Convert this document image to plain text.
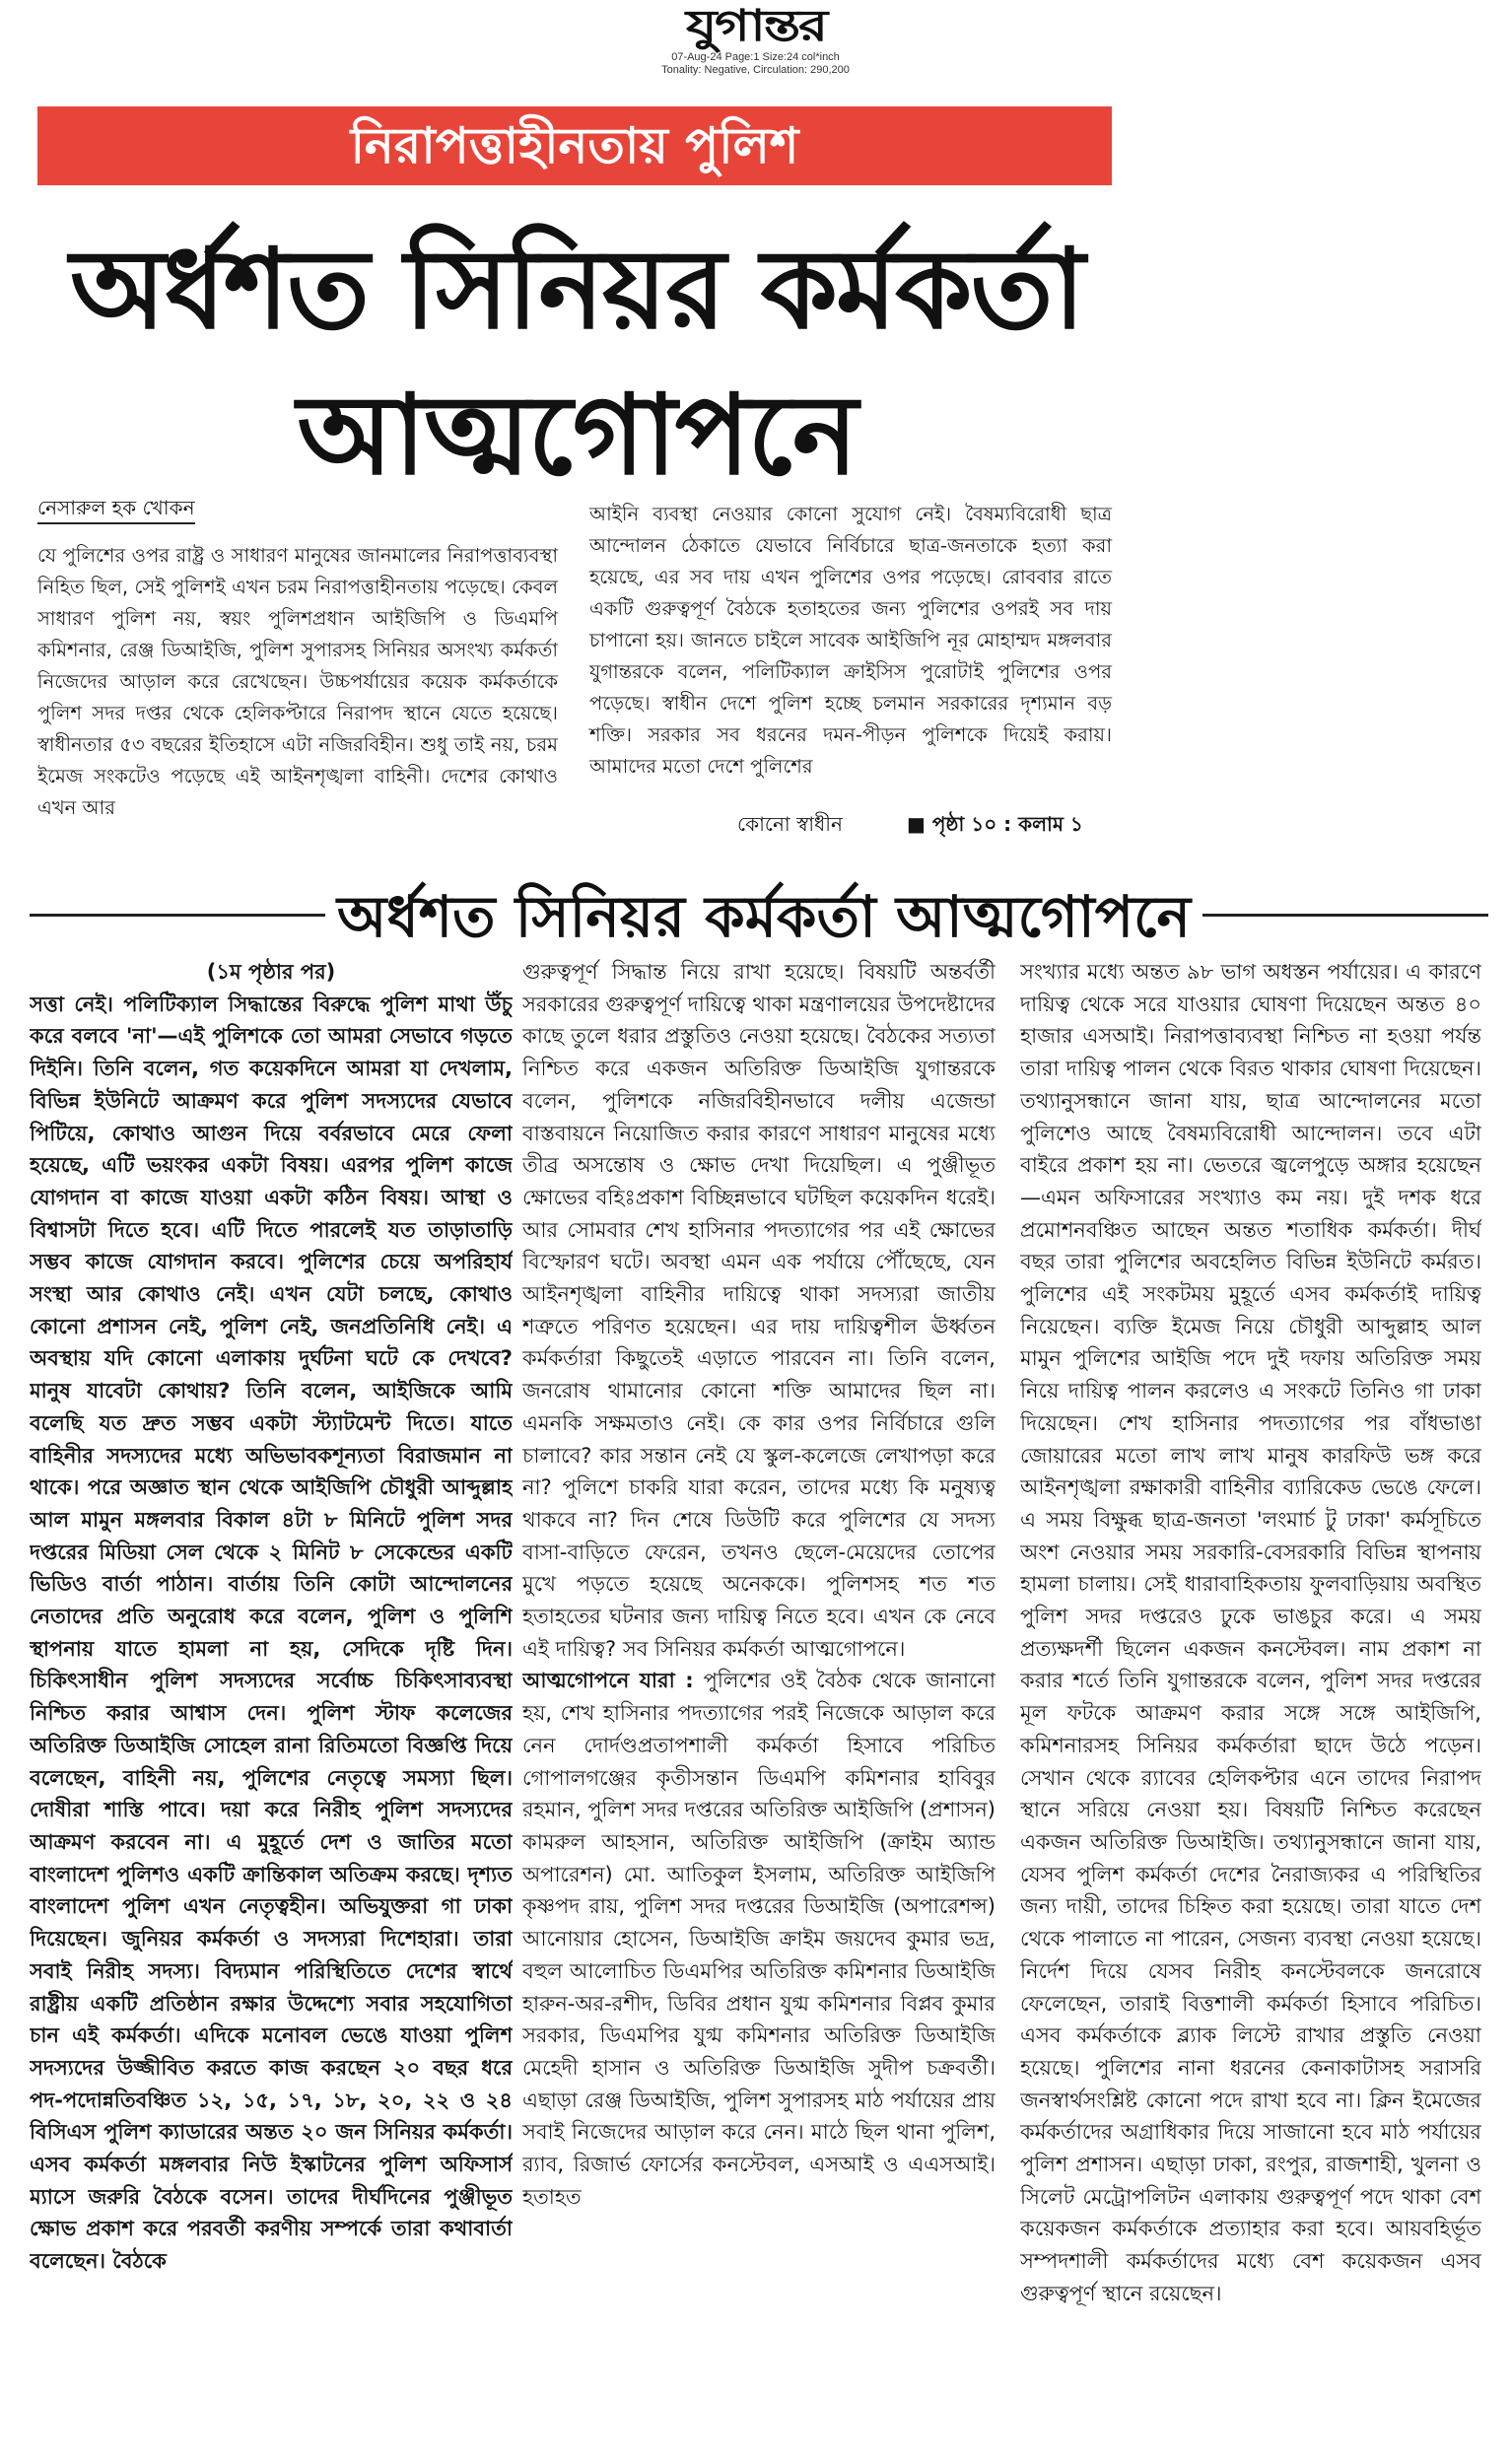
যুগান্তর
07-Aug-24 Page:1 Size:24 col*inch
Tonality: Negative, Circulation: 290,200
নিরাপত্তাহীনতায় পুলিশ
অর্ধশত সিনিয়র কর্মকর্তা
আত্মগোপনে
নেসারুল হক খোকন

যে পুলিশের ওপর রাষ্ট্র ও সাধারণ মানুষের জানমালের নিরাপত্তাব্যবস্থা নিহিত ছিল, সেই পুলিশই এখন চরম নিরাপত্তাহীনতায় পড়েছে। কেবল সাধারণ পুলিশ নয়, স্বয়ং পুলিশপ্রধান আইজিপি ও ডিএমপি কমিশনার, রেঞ্জ ডিআইজি, পুলিশ সুপারসহ সিনিয়র অসংখ্য কর্মকর্তা নিজেদের আড়াল করে রেখেছেন। উচ্চপর্যায়ের কয়েক কর্মকর্তাকে পুলিশ সদর দপ্তর থেকে হেলিকপ্টারে নিরাপদ স্থানে যেতে হয়েছে। স্বাধীনতার ৫৩ বছরের ইতিহাসে এটা নজিরবিহীন। শুধু তাই নয়, চরম ইমেজ সংকটেও পড়েছে এই আইনশৃঙ্খলা বাহিনী। দেশের কোথাও এখন আর

আইনি ব্যবস্থা নেওয়ার কোনো সুযোগ নেই। বৈষম্যবিরোধী ছাত্র আন্দোলন ঠেকাতে যেভাবে নির্বিচারে ছাত্র-জনতাকে হত্যা করা হয়েছে, এর সব দায় এখন পুলিশের ওপর পড়েছে। রোববার রাতে একটি গুরুত্বপূর্ণ বৈঠকে হতাহতের জন্য পুলিশের ওপরই সব দায় চাপানো হয়। জানতে চাইলে সাবেক আইজিপি নূর মোহাম্মদ মঙ্গলবার যুগান্তরকে বলেন, পলিটিক্যাল ক্রাইসিস পুরোটাই পুলিশের ওপর পড়েছে। স্বাধীন দেশে পুলিশ হচ্ছে চলমান সরকারের দৃশ্যমান বড় শক্তি। সরকার সব ধরনের দমন-পীড়ন পুলিশকে দিয়েই করায়। আমাদের মতো দেশে পুলিশের

কোনো স্বাধীন	■ পৃষ্ঠা ১০ : কলাম ১
অর্ধশত সিনিয়র কর্মকর্তা আত্মগোপনে

(১ম পৃষ্ঠার পর)

সত্তা নেই। পলিটিক্যাল সিদ্ধান্তের বিরুদ্ধে পুলিশ মাথা উঁচু করে বলবে 'না'—এই পুলিশকে তো আমরা সেভাবে গড়তে দিইনি। তিনি বলেন, গত কয়েকদিনে আমরা যা দেখলাম, বিভিন্ন ইউনিটে আক্রমণ করে পুলিশ সদস্যদের যেভাবে পিটিয়ে, কোথাও আগুন দিয়ে বর্বরভাবে মেরে ফেলা হয়েছে, এটি ভয়ংকর একটা বিষয়। এরপর পুলিশ কাজে যোগদান বা কাজে যাওয়া একটা কঠিন বিষয়। আস্থা ও বিশ্বাসটা দিতে হবে। এটি দিতে পারলেই যত তাড়াতাড়ি সম্ভব কাজে যোগদান করবে। পুলিশের চেয়ে অপরিহার্য সংস্থা আর কোথাও নেই। এখন যেটা চলছে, কোথাও কোনো প্রশাসন নেই, পুলিশ নেই, জনপ্রতিনিধি নেই। এ অবস্থায় যদি কোনো এলাকায় দুর্ঘটনা ঘটে কে দেখবে? মানুষ যাবেটা কোথায়? তিনি বলেন, আইজিকে আমি বলেছি যত দ্রুত সম্ভব একটা স্ট্যাটমেন্ট দিতে। যাতে বাহিনীর সদস্যদের মধ্যে অভিভাবকশূন্যতা বিরাজমান না থাকে। পরে অজ্ঞাত স্থান থেকে আইজিপি চৌধুরী আব্দুল্লাহ আল মামুন মঙ্গলবার বিকাল ৪টা ৮ মিনিটে পুলিশ সদর দপ্তরের মিডিয়া সেল থেকে ২ মিনিট ৮ সেকেন্ডের একটি ভিডিও বার্তা পাঠান। বার্তায় তিনি কোটা আন্দোলনের নেতাদের প্রতি অনুরোধ করে বলেন, পুলিশ ও পুলিশি স্থাপনায় যাতে হামলা না হয়, সেদিকে দৃষ্টি দিন। চিকিৎসাধীন পুলিশ সদস্যদের সর্বোচ্চ চিকিৎসাব্যবস্থা নিশ্চিত করার আশ্বাস দেন। পুলিশ স্টাফ কলেজের অতিরিক্ত ডিআইজি সোহেল রানা রিতিমতো বিজ্ঞপ্তি দিয়ে বলেছেন, বাহিনী নয়, পুলিশের নেতৃত্বে সমস্যা ছিল। দোষীরা শাস্তি পাবে। দয়া করে নিরীহ পুলিশ সদস্যদের আক্রমণ করবেন না। এ মুহূর্তে দেশ ও জাতির মতো বাংলাদেশ পুলিশও একটি ক্রান্তিকাল অতিক্রম করছে। দৃশ্যত বাংলাদেশ পুলিশ এখন নেতৃত্বহীন। অভিযুক্তরা গা ঢাকা দিয়েছেন। জুনিয়র কর্মকর্তা ও সদস্যরা দিশেহারা। তারা সবাই নিরীহ সদস্য। বিদ্যমান পরিস্থিতিতে দেশের স্বার্থে রাষ্ট্রীয় একটি প্রতিষ্ঠান রক্ষার উদ্দেশ্যে সবার সহযোগিতা চান এই কর্মকর্তা। এদিকে মনোবল ভেঙে যাওয়া পুলিশ সদস্যদের উজ্জীবিত করতে কাজ করছেন ২০ বছর ধরে পদ-পদোন্নতিবঞ্চিত ১২, ১৫, ১৭, ১৮, ২০, ২২ ও ২৪ বিসিএস পুলিশ ক্যাডারের অন্তত ২০ জন সিনিয়র কর্মকর্তা। এসব কর্মকর্তা মঙ্গলবার নিউ ইস্কাটনের পুলিশ অফিসার্স ম্যাসে জরুরি বৈঠকে বসেন। তাদের দীর্ঘদিনের পুঞ্জীভূত ক্ষোভ প্রকাশ করে পরবর্তী করণীয় সম্পর্কে তারা কথাবার্তা বলেছেন। বৈঠকে

গুরুত্বপূর্ণ সিদ্ধান্ত নিয়ে রাখা হয়েছে। বিষয়টি অন্তর্বর্তী সরকারের গুরুত্বপূর্ণ দায়িত্বে থাকা মন্ত্রণালয়ের উপদেষ্টাদের কাছে তুলে ধরার প্রস্তুতিও নেওয়া হয়েছে। বৈঠকের সত্যতা নিশ্চিত করে একজন অতিরিক্ত ডিআইজি যুগান্তরকে বলেন, পুলিশকে নজিরবিহীনভাবে দলীয় এজেন্ডা বাস্তবায়নে নিয়োজিত করার কারণে সাধারণ মানুষের মধ্যে তীব্র অসন্তোষ ও ক্ষোভ দেখা দিয়েছিল। এ পুঞ্জীভূত ক্ষোভের বহিঃপ্রকাশ বিচ্ছিন্নভাবে ঘটছিল কয়েকদিন ধরেই। আর সোমবার শেখ হাসিনার পদত্যাগের পর এই ক্ষোভের বিস্ফোরণ ঘটে। অবস্থা এমন এক পর্যায়ে পৌঁছেছে, যেন আইনশৃঙ্খলা বাহিনীর দায়িত্বে থাকা সদস্যরা জাতীয় শত্রুতে পরিণত হয়েছেন। এর দায় দায়িত্বশীল ঊর্ধ্বতন কর্মকর্তারা কিছুতেই এড়াতে পারবেন না। তিনি বলেন, জনরোষ থামানোর কোনো শক্তি আমাদের ছিল না। এমনকি সক্ষমতাও নেই। কে কার ওপর নির্বিচারে গুলি চালাবে? কার সন্তান নেই যে স্কুল-কলেজে লেখাপড়া করে না? পুলিশে চাকরি যারা করেন, তাদের মধ্যে কি মনুষ্যত্ব থাকবে না? দিন শেষে ডিউটি করে পুলিশের যে সদস্য বাসা-বাড়িতে ফেরেন, তখনও ছেলে-মেয়েদের তোপের মুখে পড়তে হয়েছে অনেককে। পুলিশসহ শত শত হতাহতের ঘটনার জন্য দায়িত্ব নিতে হবে। এখন কে নেবে এই দায়িত্ব? সব সিনিয়র কর্মকর্তা আত্মগোপনে।

আত্মগোপনে যারা : পুলিশের ওই বৈঠক থেকে জানানো হয়, শেখ হাসিনার পদত্যাগের পরই নিজেকে আড়াল করে নেন দোর্দণ্ডপ্রতাপশালী কর্মকর্তা হিসাবে পরিচিত গোপালগঞ্জের কৃতীসন্তান ডিএমপি কমিশনার হাবিবুর রহমান, পুলিশ সদর দপ্তরের অতিরিক্ত আইজিপি (প্রশাসন) কামরুল আহসান, অতিরিক্ত আইজিপি (ক্রাইম অ্যান্ড অপারেশন) মো. আতিকুল ইসলাম, অতিরিক্ত আইজিপি কৃষ্ণপদ রায়, পুলিশ সদর দপ্তরের ডিআইজি (অপারেশন্স) আনোয়ার হোসেন, ডিআইজি ক্রাইম জয়দেব কুমার ভদ্র, বহুল আলোচিত ডিএমপির অতিরিক্ত কমিশনার ডিআইজি হারুন-অর-রশীদ, ডিবির প্রধান যুগ্ম কমিশনার বিপ্লব কুমার সরকার, ডিএমপির যুগ্ম কমিশনার অতিরিক্ত ডিআইজি মেহেদী হাসান ও অতিরিক্ত ডিআইজি সুদীপ চক্রবর্তী। এছাড়া রেঞ্জ ডিআইজি, পুলিশ সুপারসহ মাঠ পর্যায়ের প্রায় সবাই নিজেদের আড়াল করে নেন। মাঠে ছিল থানা পুলিশ, র‌্যাব, রিজার্ভ ফোর্সের কনস্টেবল, এসআই ও এএসআই। হতাহত

সংখ্যার মধ্যে অন্তত ৯৮ ভাগ অধস্তন পর্যায়ের। এ কারণে দায়িত্ব থেকে সরে যাওয়ার ঘোষণা দিয়েছেন অন্তত ৪০ হাজার এসআই। নিরাপত্তাব্যবস্থা নিশ্চিত না হওয়া পর্যন্ত তারা দায়িত্ব পালন থেকে বিরত থাকার ঘোষণা দিয়েছেন। তথ্যানুসন্ধানে জানা যায়, ছাত্র আন্দোলনের মতো পুলিশেও আছে বৈষম্যবিরোধী আন্দোলন। তবে এটা বাইরে প্রকাশ হয় না। ভেতরে জ্বলেপুড়ে অঙ্গার হয়েছেন—এমন অফিসারের সংখ্যাও কম নয়। দুই দশক ধরে প্রমোশনবঞ্চিত আছেন অন্তত শতাধিক কর্মকর্তা। দীর্ঘ বছর তারা পুলিশের অবহেলিত বিভিন্ন ইউনিটে কর্মরত। পুলিশের এই সংকটময় মুহূর্তে এসব কর্মকর্তাই দায়িত্ব নিয়েছেন। ব্যক্তি ইমেজ নিয়ে চৌধুরী আব্দুল্লাহ আল মামুন পুলিশের আইজি পদে দুই দফায় অতিরিক্ত সময় নিয়ে দায়িত্ব পালন করলেও এ সংকটে তিনিও গা ঢাকা দিয়েছেন। শেখ হাসিনার পদত্যাগের পর বাঁধভাঙা জোয়ারের মতো লাখ লাখ মানুষ কারফিউ ভঙ্গ করে আইনশৃঙ্খলা রক্ষাকারী বাহিনীর ব্যারিকেড ভেঙে ফেলে। এ সময় বিক্ষুব্ধ ছাত্র-জনতা 'লংমার্চ টু ঢাকা' কর্মসূচিতে অংশ নেওয়ার সময় সরকারি-বেসরকারি বিভিন্ন স্থাপনায় হামলা চালায়। সেই ধারাবাহিকতায় ফুলবাড়িয়ায় অবস্থিত পুলিশ সদর দপ্তরেও ঢুকে ভাঙচুর করে। এ সময় প্রত্যক্ষদর্শী ছিলেন একজন কনস্টেবল। নাম প্রকাশ না করার শর্তে তিনি যুগান্তরকে বলেন, পুলিশ সদর দপ্তরের মূল ফটকে আক্রমণ করার সঙ্গে সঙ্গে আইজিপি, কমিশনারসহ সিনিয়র কর্মকর্তারা ছাদে উঠে পড়েন। সেখান থেকে র‌্যাবের হেলিকপ্টার এনে তাদের নিরাপদ স্থানে সরিয়ে নেওয়া হয়। বিষয়টি নিশ্চিত করেছেন একজন অতিরিক্ত ডিআইজি। তথ্যানুসন্ধানে জানা যায়, যেসব পুলিশ কর্মকর্তা দেশের নৈরাজ্যকর এ পরিস্থিতির জন্য দায়ী, তাদের চিহ্নিত করা হয়েছে। তারা যাতে দেশ থেকে পালাতে না পারেন, সেজন্য ব্যবস্থা নেওয়া হয়েছে। নির্দেশ দিয়ে যেসব নিরীহ কনস্টেবলকে জনরোষে ফেলেছেন, তারাই বিত্তশালী কর্মকর্তা হিসাবে পরিচিত। এসব কর্মকর্তাকে ব্ল্যাক লিস্টে রাখার প্রস্তুতি নেওয়া হয়েছে। পুলিশের নানা ধরনের কেনাকাটাসহ সরাসরি জনস্বার্থসংশ্লিষ্ট কোনো পদে রাখা হবে না। ক্লিন ইমেজের কর্মকর্তাদের অগ্রাধিকার দিয়ে সাজানো হবে মাঠ পর্যায়ের পুলিশ প্রশাসন। এছাড়া ঢাকা, রংপুর, রাজশাহী, খুলনা ও সিলেট মেট্রোপলিটন এলাকায় গুরুত্বপূর্ণ পদে থাকা বেশ কয়েকজন কর্মকর্তাকে প্রত্যাহার করা হবে। আয়বহির্ভূত সম্পদশালী কর্মকর্তাদের মধ্যে বেশ কয়েকজন এসব গুরুত্বপূর্ণ স্থানে রয়েছেন।
